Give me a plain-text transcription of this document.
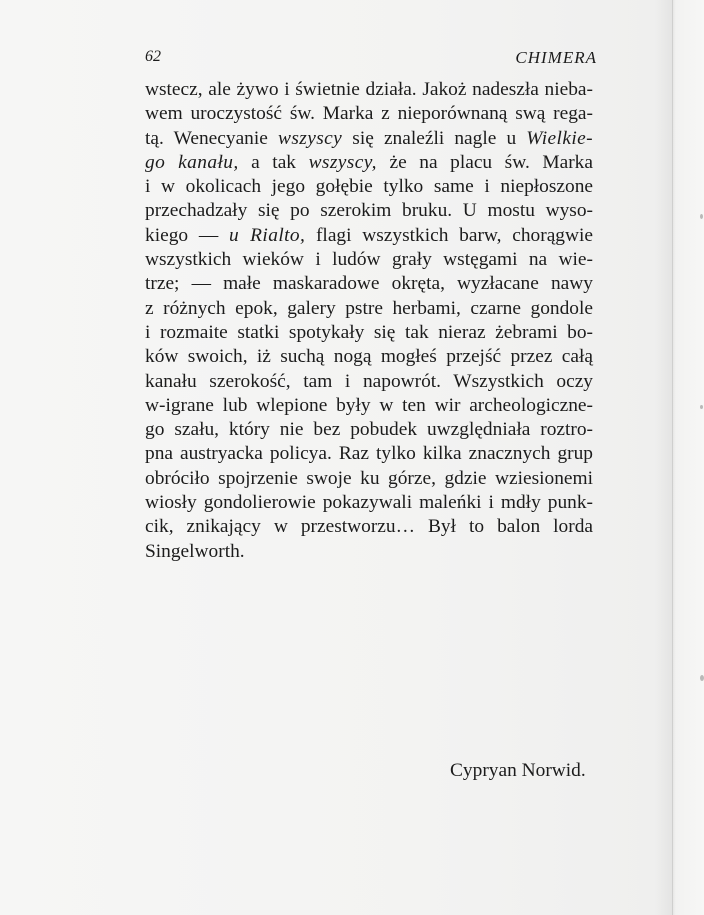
62	CHIMERA
wstecz, ale żywo i świetnie działa. Jakoż nadeszła nieba-
wem uroczystość św. Marka z nieporównaną swą rega-
tą. Wenecyanie wszyscy się znaleźli nagle u Wielkie-
go kanału, a tak wszyscy, że na placu św. Marka
i w okolicach jego gołębie tylko same i niepłoszone
przechadzały się po szerokim bruku. U mostu wyso-
kiego — u Rialto, flagi wszystkich barw, chorągwie
wszystkich wieków i ludów grały wstęgami na wie-
trze; — małe maskaradowe okręta, wyzłacane nawy
z różnych epok, galery pstre herbami, czarne gondole
i rozmaite statki spotykały się tak nieraz żebrami bo-
ków swoich, iż suchą nogą mogłeś przejść przez całą
kanału szerokość, tam i napowrót. Wszystkich oczy
w-igrane lub wlepione były w ten wir archeologiczne-
go szału, który nie bez pobudek uwzględniała roztro-
pna austryacka policya. Raz tylko kilka znacznych grup
obróciło spojrzenie swoje ku górze, gdzie wziesionemi
wiosły gondolierowie pokazywali maleńki i mdły punk-
cik, znikający w przestworzu… Był to balon lorda
Singelworth.
Cypryan Norwid.
